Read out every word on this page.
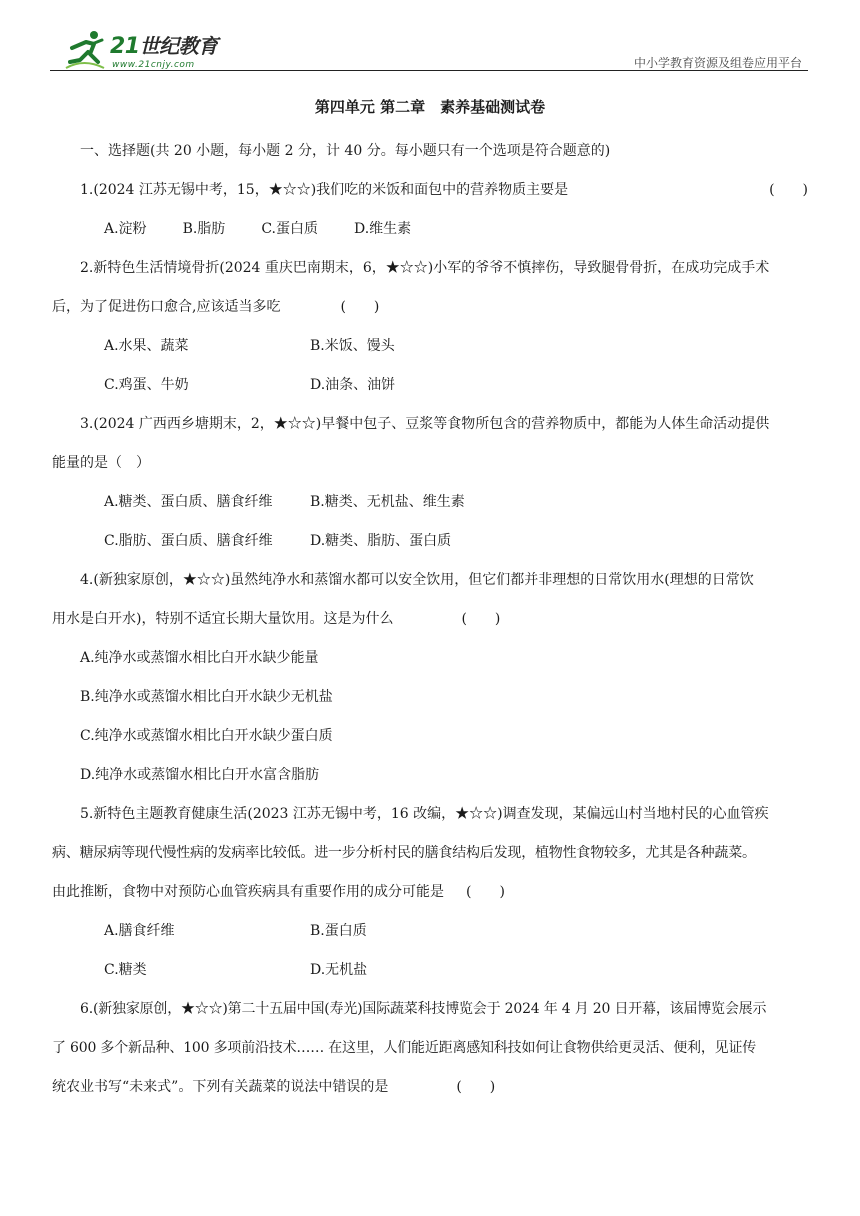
21世纪教育
www.21cnjy.com	中小学教育资源及组卷应用平台
第四单元 第二章　素养基础测试卷

一、选择题(共 20 小题，每小题 2 分，计 40 分。每小题只有一个选项是符合题意的)

1.(2024 江苏无锡中考，15，★☆☆)我们吃的米饭和面包中的营养物质主要是	(　　)

A.淀粉	B.脂肪	C.蛋白质	D.维生素

2.新特色生活情境骨折(2024 重庆巴南期末，6，★☆☆)小军的爷爷不慎摔伤，导致腿骨骨折，在成功完成手术

后，为了促进伤口愈合,应该适当多吃	(　　)

A.水果、蔬菜	B.米饭、馒头

C.鸡蛋、牛奶	D.油条、油饼

3.(2024 广西西乡塘期末，2，★☆☆)早餐中包子、豆浆等食物所包含的营养物质中，都能为人体生命活动提供

能量的是（　）

A.糖类、蛋白质、膳食纤维	B.糖类、无机盐、维生素

C.脂肪、蛋白质、膳食纤维	D.糖类、脂肪、蛋白质

4.(新独家原创，★☆☆)虽然纯净水和蒸馏水都可以安全饮用，但它们都并非理想的日常饮用水(理想的日常饮

用水是白开水)，特别不适宜长期大量饮用。这是为什么	(　　)

A.纯净水或蒸馏水相比白开水缺少能量

B.纯净水或蒸馏水相比白开水缺少无机盐

C.纯净水或蒸馏水相比白开水缺少蛋白质

D.纯净水或蒸馏水相比白开水富含脂肪

5.新特色主题教育健康生活(2023 江苏无锡中考，16 改编，★☆☆)调查发现，某偏远山村当地村民的心血管疾

病、糖尿病等现代慢性病的发病率比较低。进一步分析村民的膳食结构后发现，植物性食物较多，尤其是各种蔬菜。

由此推断，食物中对预防心血管疾病具有重要作用的成分可能是 (　　)

A.膳食纤维	B.蛋白质

C.糖类	D.无机盐

6.(新独家原创，★☆☆)第二十五届中国(寿光)国际蔬菜科技博览会于 2024 年 4 月 20 日开幕，该届博览会展示

了 600 多个新品种、100 多项前沿技术…… 在这里，人们能近距离感知科技如何让食物供给更灵活、便利，见证传

统农业书写“未来式”。下列有关蔬菜的说法中错误的是	(　　)
